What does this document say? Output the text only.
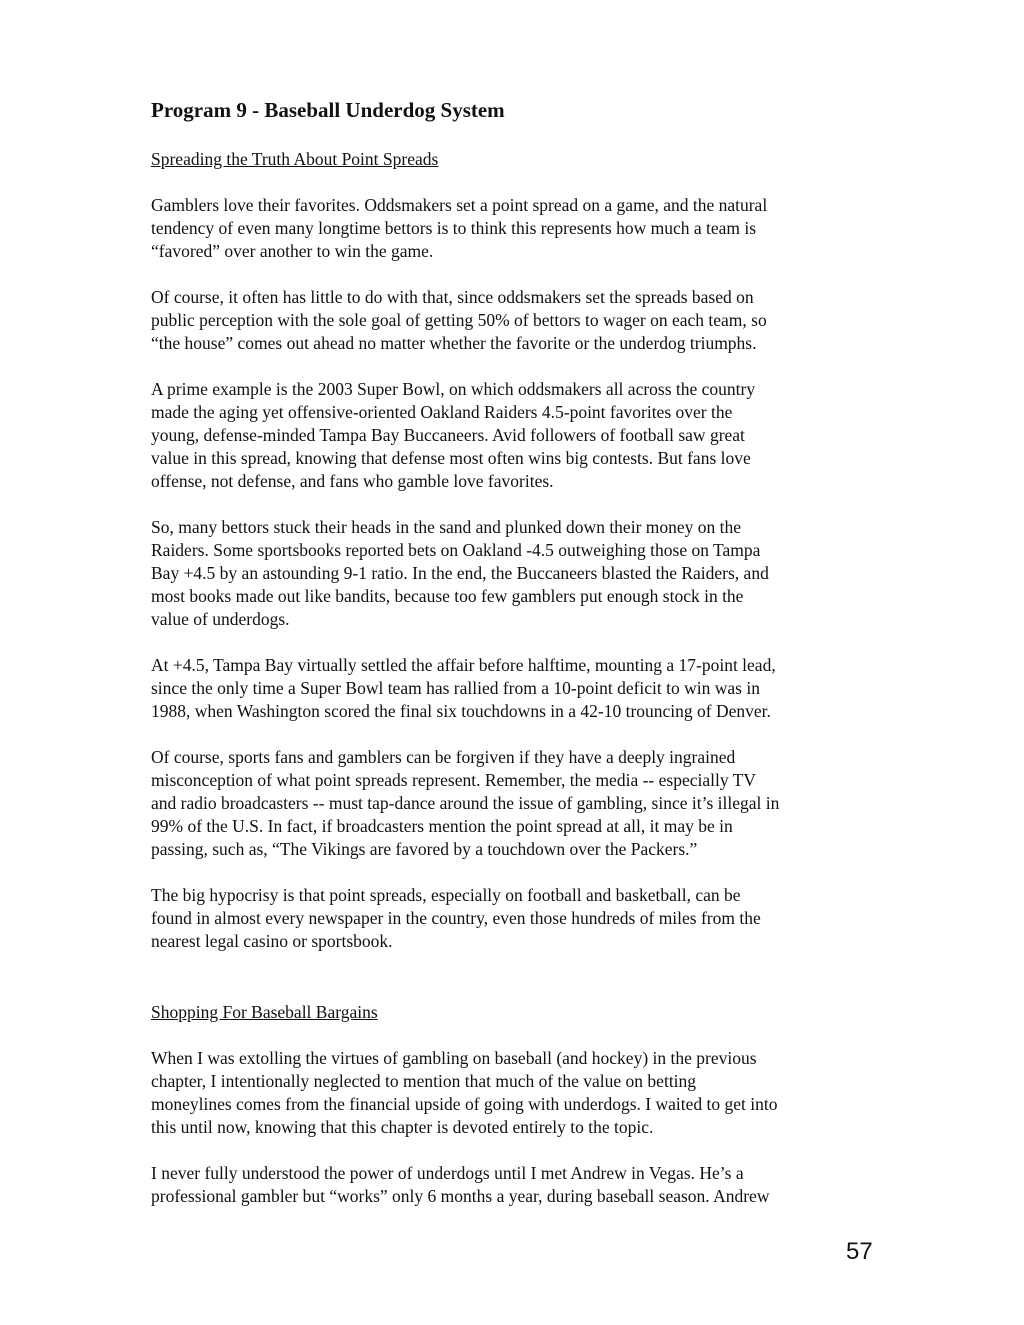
Program 9 - Baseball Underdog System
Spreading the Truth About Point Spreads

Gamblers love their favorites. Oddsmakers set a point spread on a game, and the natural
tendency of even many longtime bettors is to think this represents how much a team is
“favored” over another to win the game.

Of course, it often has little to do with that, since oddsmakers set the spreads based on
public perception with the sole goal of getting 50% of bettors to wager on each team, so
“the house” comes out ahead no matter whether the favorite or the underdog triumphs.

A prime example is the 2003 Super Bowl, on which oddsmakers all across the country
made the aging yet offensive-oriented Oakland Raiders 4.5-point favorites over the
young, defense-minded Tampa Bay Buccaneers. Avid followers of football saw great
value in this spread, knowing that defense most often wins big contests. But fans love
offense, not defense, and fans who gamble love favorites.

So, many bettors stuck their heads in the sand and plunked down their money on the
Raiders. Some sportsbooks reported bets on Oakland -4.5 outweighing those on Tampa
Bay +4.5 by an astounding 9-1 ratio. In the end, the Buccaneers blasted the Raiders, and
most books made out like bandits, because too few gamblers put enough stock in the
value of underdogs.

At +4.5, Tampa Bay virtually settled the affair before halftime, mounting a 17-point lead,
since the only time a Super Bowl team has rallied from a 10-point deficit to win was in
1988, when Washington scored the final six touchdowns in a 42-10 trouncing of Denver.

Of course, sports fans and gamblers can be forgiven if they have a deeply ingrained
misconception of what point spreads represent. Remember, the media -- especially TV
and radio broadcasters -- must tap-dance around the issue of gambling, since it’s illegal in
99% of the U.S. In fact, if broadcasters mention the point spread at all, it may be in
passing, such as, “The Vikings are favored by a touchdown over the Packers.”

The big hypocrisy is that point spreads, especially on football and basketball, can be
found in almost every newspaper in the country, even those hundreds of miles from the
nearest legal casino or sportsbook.

Shopping For Baseball Bargains

When I was extolling the virtues of gambling on baseball (and hockey) in the previous
chapter, I intentionally neglected to mention that much of the value on betting
moneylines comes from the financial upside of going with underdogs. I waited to get into
this until now, knowing that this chapter is devoted entirely to the topic.

I never fully understood the power of underdogs until I met Andrew in Vegas. He’s a
professional gambler but “works” only 6 months a year, during baseball season. Andrew

57
